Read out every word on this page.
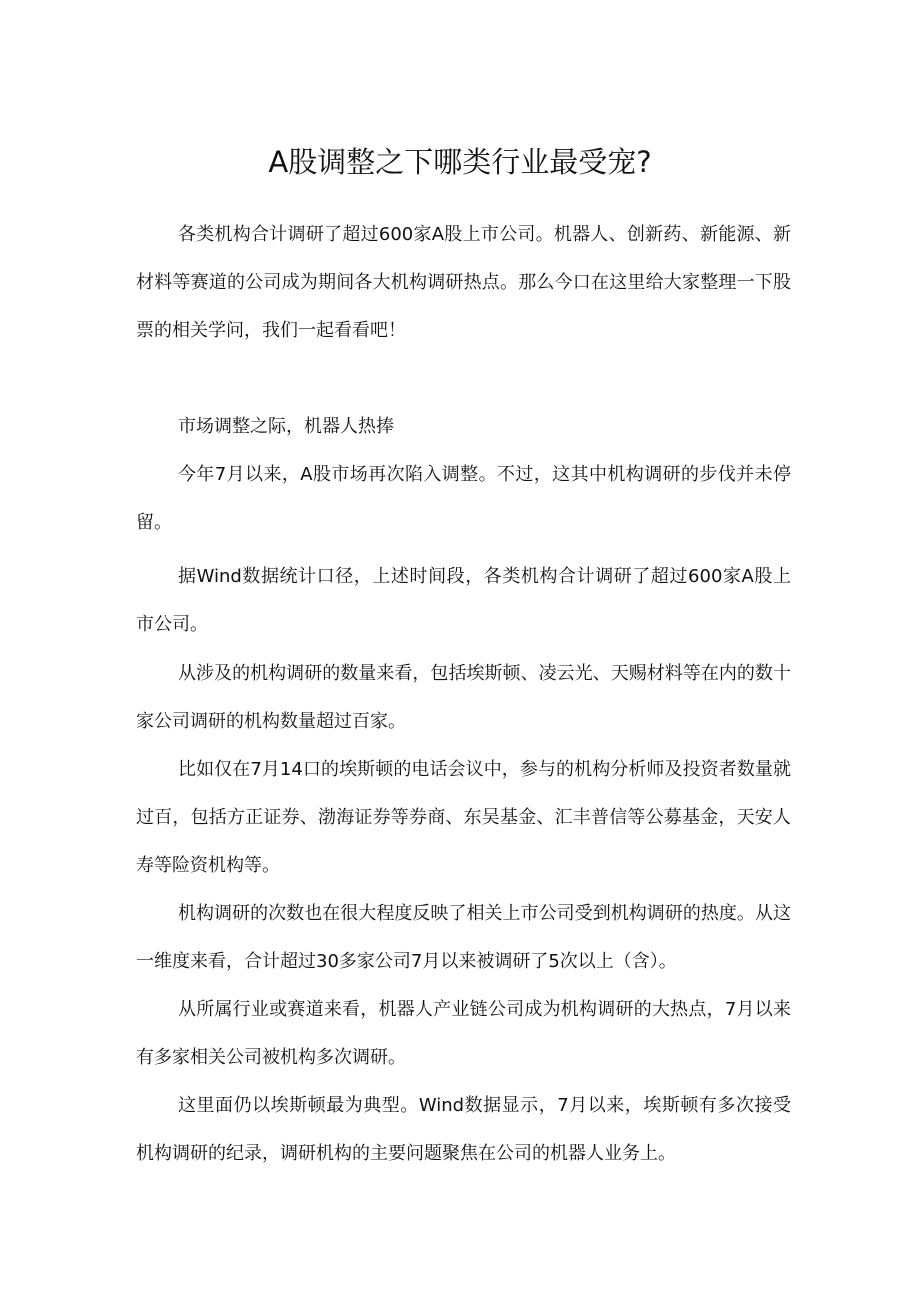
A股调整之下哪类行业最受宠?

各类机构合计调研了超过600家A股上市公司。机器人、创新药、新能源、新材料等赛道的公司成为期间各大机构调研热点。那么今口在这里给大家整理一下股票的相关学问，我们一起看看吧！

市场调整之际，机器人热捧

今年7月以来，A股市场再次陷入调整。不过，这其中机构调研的步伐并未停留。

据Wind数据统计口径，上述时间段，各类机构合计调研了超过600家A股上市公司。

从涉及的机构调研的数量来看，包括埃斯顿、凌云光、天赐材料等在内的数十家公司调研的机构数量超过百家。

比如仅在7月14口的埃斯顿的电话会议中，参与的机构分析师及投资者数量就过百，包括方正证券、渤海证券等券商、东吴基金、汇丰普信等公募基金，天安人寿等险资机构等。

机构调研的次数也在很大程度反映了相关上市公司受到机构调研的热度。从这一维度来看，合计超过30多家公司7月以来被调研了5次以上（含）。

从所属行业或赛道来看，机器人产业链公司成为机构调研的大热点，7月以来有多家相关公司被机构多次调研。

这里面仍以埃斯顿最为典型。Wind数据显示，7月以来，埃斯顿有多次接受机构调研的纪录，调研机构的主要问题聚焦在公司的机器人业务上。
